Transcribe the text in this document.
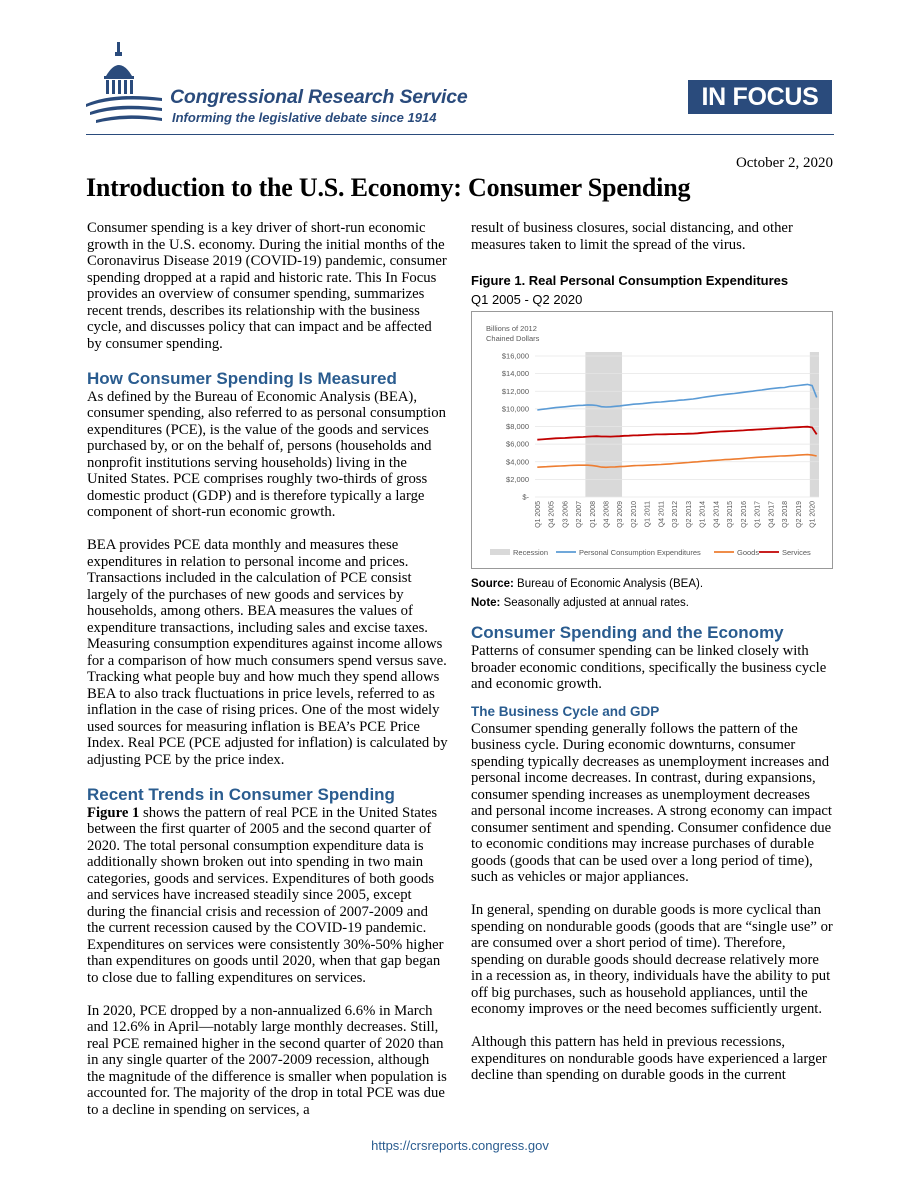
Congressional Research Service
Informing the legislative debate since 1914
IN FOCUS
October 2, 2020
Introduction to the U.S. Economy: Consumer Spending

Consumer spending is a key driver of short-run economic growth in the U.S. economy. During the initial months of the Coronavirus Disease 2019 (COVID-19) pandemic, consumer spending dropped at a rapid and historic rate. This In Focus provides an overview of consumer spending, summarizes recent trends, describes its relationship with the business cycle, and discusses policy that can impact and be affected by consumer spending.

How Consumer Spending Is Measured

As defined by the Bureau of Economic Analysis (BEA), consumer spending, also referred to as personal consumption expenditures (PCE), is the value of the goods and services purchased by, or on the behalf of, persons (households and nonprofit institutions serving households) living in the United States. PCE comprises roughly two-thirds of gross domestic product (GDP) and is therefore typically a large component of short-run economic growth.

BEA provides PCE data monthly and measures these expenditures in relation to personal income and prices. Transactions included in the calculation of PCE consist largely of the purchases of new goods and services by households, among others. BEA measures the values of expenditure transactions, including sales and excise taxes. Measuring consumption expenditures against income allows for a comparison of how much consumers spend versus save. Tracking what people buy and how much they spend allows BEA to also track fluctuations in price levels, referred to as inflation in the case of rising prices. One of the most widely used sources for measuring inflation is BEA’s PCE Price Index. Real PCE (PCE adjusted for inflation) is calculated by adjusting PCE by the price index.

Recent Trends in Consumer Spending

Figure 1 shows the pattern of real PCE in the United States between the first quarter of 2005 and the second quarter of 2020. The total personal consumption expenditure data is additionally shown broken out into spending in two main categories, goods and services. Expenditures of both goods and services have increased steadily since 2005, except during the financial crisis and recession of 2007-2009 and the current recession caused by the COVID-19 pandemic. Expenditures on services were consistently 30%-50% higher than expenditures on goods until 2020, when that gap began to close due to falling expenditures on services.

In 2020, PCE dropped by a non-annualized 6.6% in March and 12.6% in April—notably large monthly decreases. Still, real PCE remained higher in the second quarter of 2020 than in any single quarter of the 2007-2009 recession, although the magnitude of the difference is smaller when population is accounted for. The majority of the drop in total PCE was due to a decline in spending on services, a

result of business closures, social distancing, and other measures taken to limit the spread of the virus.

Figure 1. Real Personal Consumption Expenditures
Q1 2005 - Q2 2020
$-
$2,000
$4,000
$6,000
$8,000
$10,000
$12,000
$14,000
$16,000
Q1 2005 Q4 2005 Q3 2006 Q2 2007 Q1 2008 Q4 2008 Q3 2009 Q2 2010 Q1 2011 Q4 2011 Q3 2012 Q2 2013 Q1 2014 Q4 2014 Q3 2015 Q2 2016 Q1 2017 Q4 2017 Q3 2018 Q2 2019 Q1 2020
Recession	Personal Consumption Expenditures	Goods	Services
Billions of 2012 Chained Dollars
Source: Bureau of Economic Analysis (BEA).
Note: Seasonally adjusted at annual rates.
Consumer Spending and the Economy

Patterns of consumer spending can be linked closely with broader economic conditions, specifically the business cycle and economic growth.

The Business Cycle and GDP

Consumer spending generally follows the pattern of the business cycle. During economic downturns, consumer spending typically decreases as unemployment increases and personal income decreases. In contrast, during expansions, consumer spending increases as unemployment decreases and personal income increases. A strong economy can impact consumer sentiment and spending. Consumer confidence due to economic conditions may increase purchases of durable goods (goods that can be used over a long period of time), such as vehicles or major appliances.

In general, spending on durable goods is more cyclical than spending on nondurable goods (goods that are “single use” or are consumed over a short period of time). Therefore, spending on durable goods should decrease relatively more in a recession as, in theory, individuals have the ability to put off big purchases, such as household appliances, until the economy improves or the need becomes sufficiently urgent.

Although this pattern has held in previous recessions, expenditures on nondurable goods have experienced a larger decline than spending on durable goods in the current

https://crsreports.congress.gov
